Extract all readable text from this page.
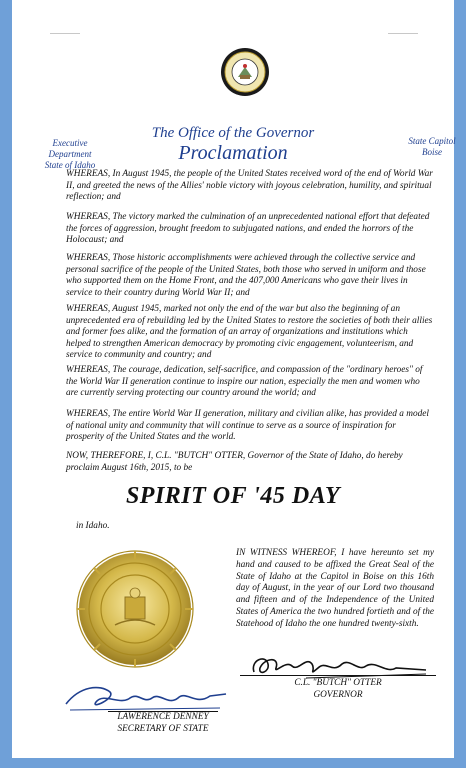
Executive Department
State of Idaho
State Capitol
Boise
The Office of the Governor
Proclamation

WHEREAS, In August 1945, the people of the United States received word of the end of World War II, and greeted the news of the Allies' noble victory with joyous celebration, humility, and spiritual reflection; and

WHEREAS, The victory marked the culmination of an unprecedented national effort that defeated the forces of aggression, brought freedom to subjugated nations, and ended the horrors of the Holocaust; and

WHEREAS, Those historic accomplishments were achieved through the collective service and personal sacrifice of the people of the United States, both those who served in uniform and those who supported them on the Home Front, and the 407,000 Americans who gave their lives in service to their country during World War II; and

WHEREAS, August 1945, marked not only the end of the war but also the beginning of an unprecedented era of rebuilding led by the United States to restore the societies of both their allies and former foes alike, and the formation of an array of organizations and institutions which helped to strengthen American democracy by promoting civic engagement, volunteerism, and service to community and country; and

WHEREAS, The courage, dedication, self-sacrifice, and compassion of the "ordinary heroes" of the World War II generation continue to inspire our nation, especially the men and women who are currently serving protecting our country around the world; and

WHEREAS, The entire World War II generation, military and civilian alike, has provided a model of national unity and community that will continue to serve as a source of inspiration for prosperity of the United States and the world.

NOW, THEREFORE, I, C.L. "BUTCH" OTTER, Governor of the State of Idaho, do hereby proclaim August 16th, 2015, to be

SPIRIT OF '45 DAY
in Idaho.
IN WITNESS WHEREOF, I have hereunto set my hand and caused to be affixed the Great Seal of the State of Idaho at the Capitol in Boise on this 16th day of August, in the year of our Lord two thousand and fifteen and of the Independence of the United States of America the two hundred fortieth and of the Statehood of Idaho the one hundred twenty-sixth.
C.L. "BUTCH" OTTER
GOVERNOR
LAWERENCE DENNEY
SECRETARY OF STATE
